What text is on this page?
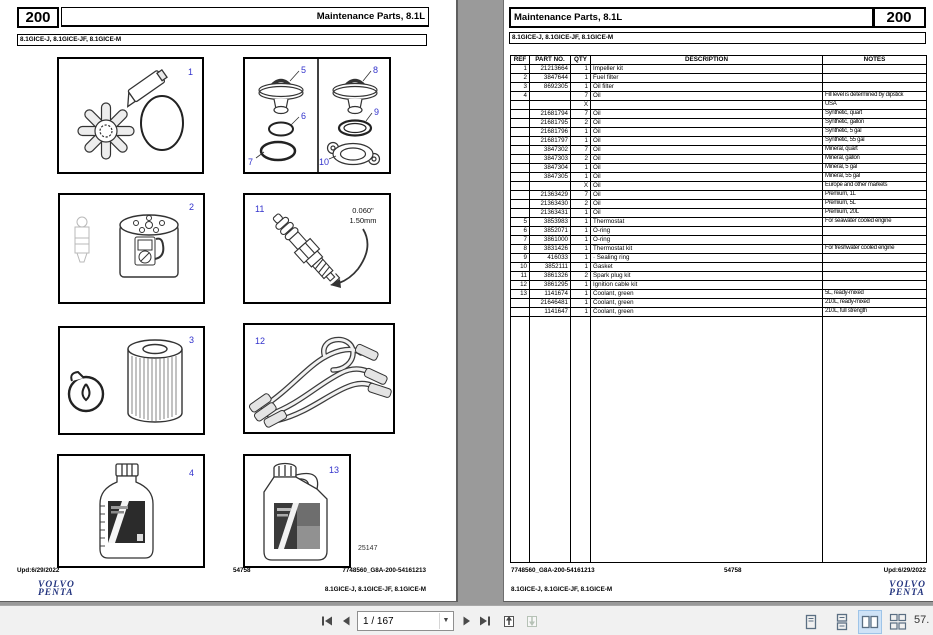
200	Maintenance Parts, 8.1L
8.1GICE-J, 8.1GICE-JF, 8.1GICE-M
1	5	8
6	9
7	10
2	0.060"
1.50mm
11
3	12
4	13
25147
Upd:6/29/2022	54758	7748560_G8A-200-54161213
VOLVO
PENTA	8.1GICE-J, 8.1GICE-JF, 8.1GICE-M
Maintenance Parts, 8.1L	200
8.1GICE-J, 8.1GICE-JF, 8.1GICE-M
REF	PART NO.	QTY	DESCRIPTION	NOTES
1	21213664	1	Impeller kit	
2	3847644	1	Fuel filter	
3	8692305	1	Oil filter	
4		7	Oil	Fill level is determined by dipstick
		X		USA
	21681794	7	Oil	Synthetic, quart
	21681795	2	Oil	Synthetic, gallon
	21681796	1	Oil	Synthetic, 5 gal
	21681797	1	Oil	Synthetic, 55 gal
	3847302	7	Oil	Mineral, quart
	3847303	2	Oil	Mineral, gallon
	3847304	1	Oil	Mineral, 5 gal
	3847305	1	Oil	Mineral, 55 gal
		X	Oil	Europe and other markets
	21363429	7	Oil	Premium, 1L
	21363430	2	Oil	Premium, 5L
	21363431	1	Oil	Premium, 20L
5	3853983	1	Thermostat	For seawater cooled engine
6	3852071	1	O-ring	
7	3861000	1	O-ring	
8	3831426	1	Thermostat kit	For freshwater cooled engine
9	416033	1	· Sealing ring	
10	3852111	1	Gasket	
11	3861326	2	Spark plug kit	
12	3861295	1	Ignition cable kit	
13	1141674	1	Coolant, green	5L, ready-mixed
	21646481	1	Coolant, green	210L, ready-mixed
	1141647	1	Coolant, green	210L, full strength

7748560_G8A-200-54161213	54758	Upd:6/29/2022
8.1GICE-J, 8.1GICE-JF, 8.1GICE-M	VOLVO
PENTA
1 / 167
▼	57.
